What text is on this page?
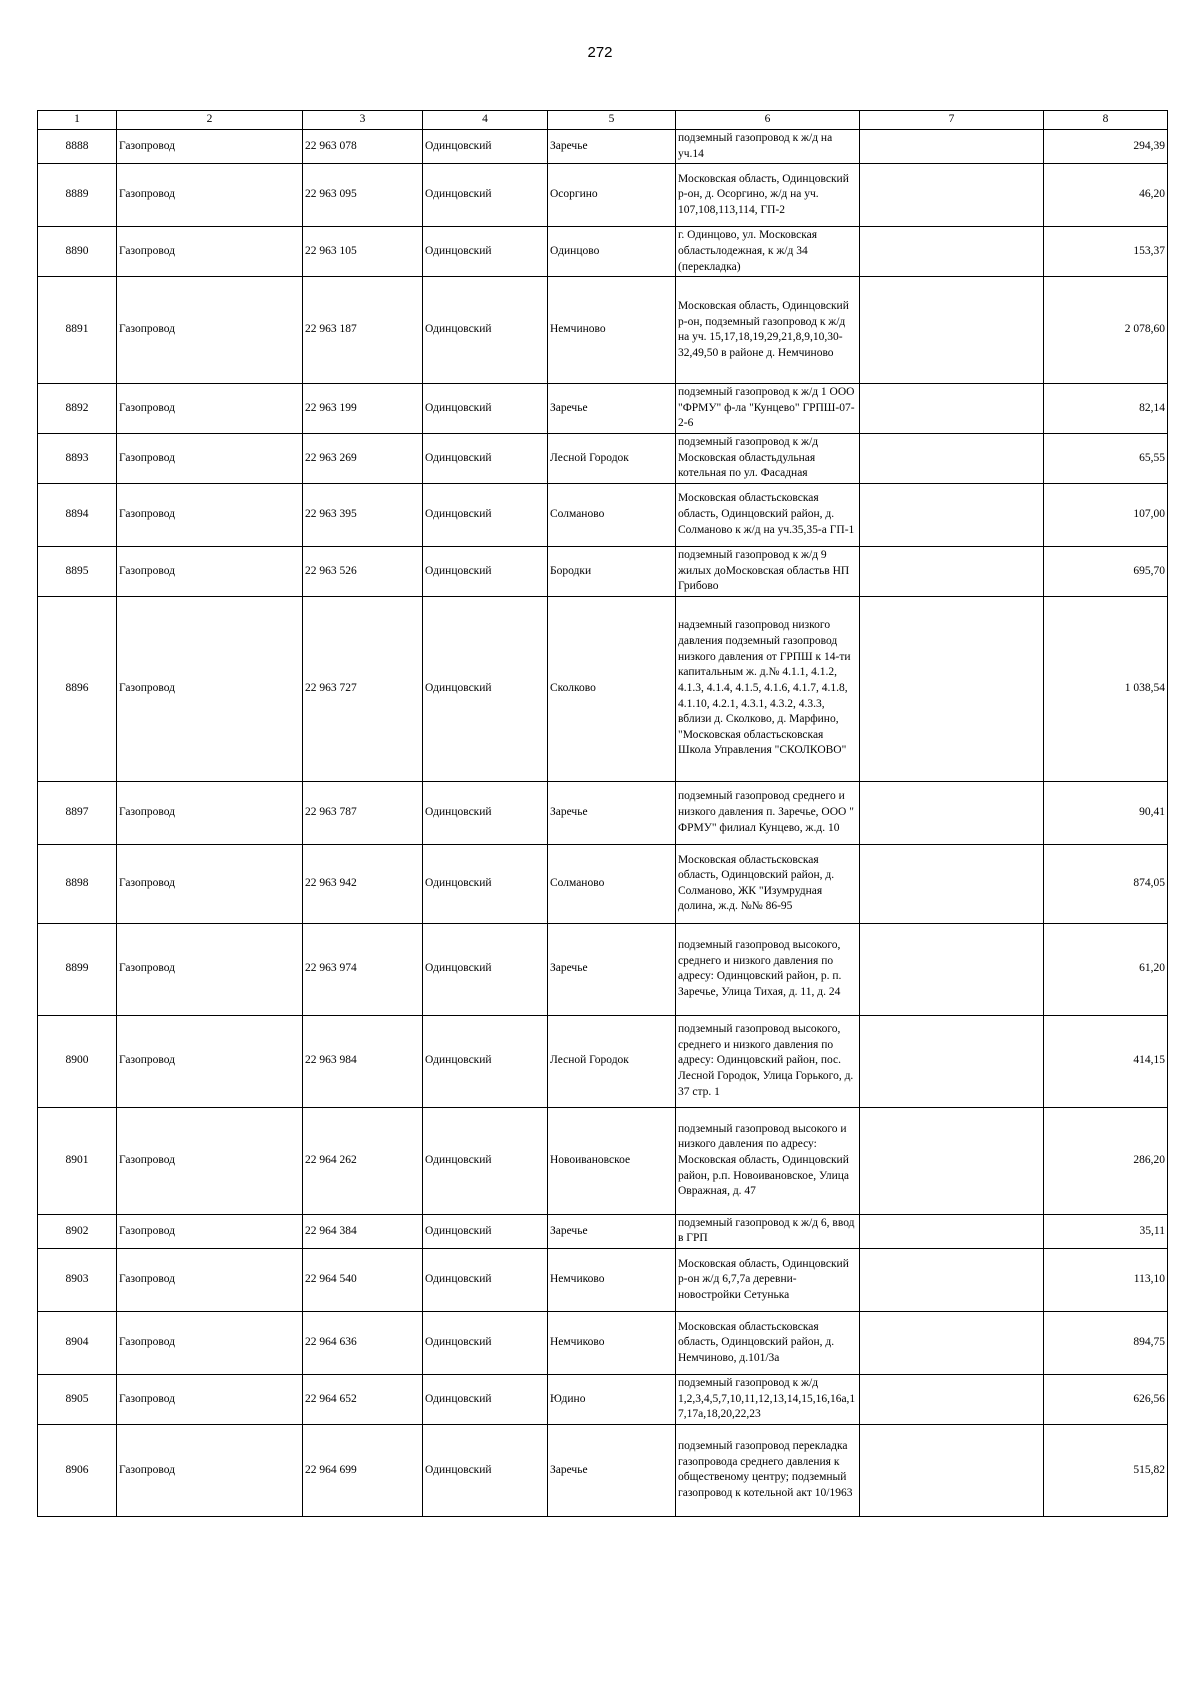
272
1	2	3	4	5	6	7	8
8888	Газопровод	22 963 078	Одинцовский	Заречье	подземный газопровод к ж/д на уч.14		294,39
8889	Газопровод	22 963 095	Одинцовский	Осоргино	Московская область, Одинцовский р-он, д. Осоргино, ж/д на уч. 107,108,113,114, ГП-2		46,20
8890	Газопровод	22 963 105	Одинцовский	Одинцово	г. Одинцово, ул. Московская областьлодежная, к ж/д 34 (перекладка)		153,37
8891	Газопровод	22 963 187	Одинцовский	Немчиново	Московская область, Одинцовский р-он, подземный газопровод к ж/д на уч. 15,17,18,19,29,21,8,9,10,30-32,49,50 в районе д. Немчиново		2 078,60
8892	Газопровод	22 963 199	Одинцовский	Заречье	подземный газопровод к ж/д 1 ООО "ФРМУ" ф-ла "Кунцево" ГРПШ-07-2-6		82,14
8893	Газопровод	22 963 269	Одинцовский	Лесной Городок	подземный газопровод к ж/д Московская областьдульная котельная по ул. Фасадная		65,55
8894	Газопровод	22 963 395	Одинцовский	Солманово	Московская областьсковская область, Одинцовский район, д. Солманово к ж/д на уч.35,35-а ГП-1		107,00
8895	Газопровод	22 963 526	Одинцовский	Бородки	подземный газопровод к ж/д 9 жилых доМосковская областьв НП Грибово		695,70
8896	Газопровод	22 963 727	Одинцовский	Сколково	надземный газопровод низкого давления подземный газопровод низкого давления от ГРПШ к 14-ти капитальным ж. д.№ 4.1.1, 4.1.2, 4.1.3, 4.1.4, 4.1.5, 4.1.6, 4.1.7, 4.1.8, 4.1.10, 4.2.1, 4.3.1, 4.3.2, 4.3.3, вблизи д. Сколково, д. Марфино, "Московская областьсковская Школа Управления "СКОЛКОВО"		1 038,54
8897	Газопровод	22 963 787	Одинцовский	Заречье	подземный газопровод среднего и низкого давления п. Заречье, ООО " ФРМУ" филиал Кунцево, ж.д. 10		90,41
8898	Газопровод	22 963 942	Одинцовский	Солманово	Московская областьсковская область, Одинцовский район, д. Солманово, ЖК "Изумрудная долина, ж.д. №№ 86-95		874,05
8899	Газопровод	22 963 974	Одинцовский	Заречье	подземный газопровод высокого, среднего и низкого давления по адресу: Одинцовский район, р. п. Заречье, Улица Тихая, д. 11, д. 24		61,20
8900	Газопровод	22 963 984	Одинцовский	Лесной Городок	подземный газопровод высокого, среднего и низкого давления по адресу: Одинцовский район, пос. Лесной Городок, Улица Горького, д. 37 стр. 1		414,15
8901	Газопровод	22 964 262	Одинцовский	Новоивановское	подземный газопровод высокого и низкого давления по адресу: Московская область, Одинцовский район, р.п. Новоивановское, Улица Овражная, д. 47		286,20
8902	Газопровод	22 964 384	Одинцовский	Заречье	подземный газопровод к ж/д 6, ввод в ГРП		35,11
8903	Газопровод	22 964 540	Одинцовский	Немчиково	Московская область, Одинцовский р-он ж/д 6,7,7а деревни-новостройки Сетунька		113,10
8904	Газопровод	22 964 636	Одинцовский	Немчиково	Московская областьсковская область, Одинцовский район, д. Немчиново, д.101/3а		894,75
8905	Газопровод	22 964 652	Одинцовский	Юдино	подземный газопровод к ж/д 1,2,3,4,5,7,10,11,12,13,14,15,16,16а,17,17а,18,20,22,23		626,56
8906	Газопровод	22 964 699	Одинцовский	Заречье	подземный газопровод перекладка газопровода среднего давления к общественому центру; подземный газопровод к котельной акт 10/1963		515,82
